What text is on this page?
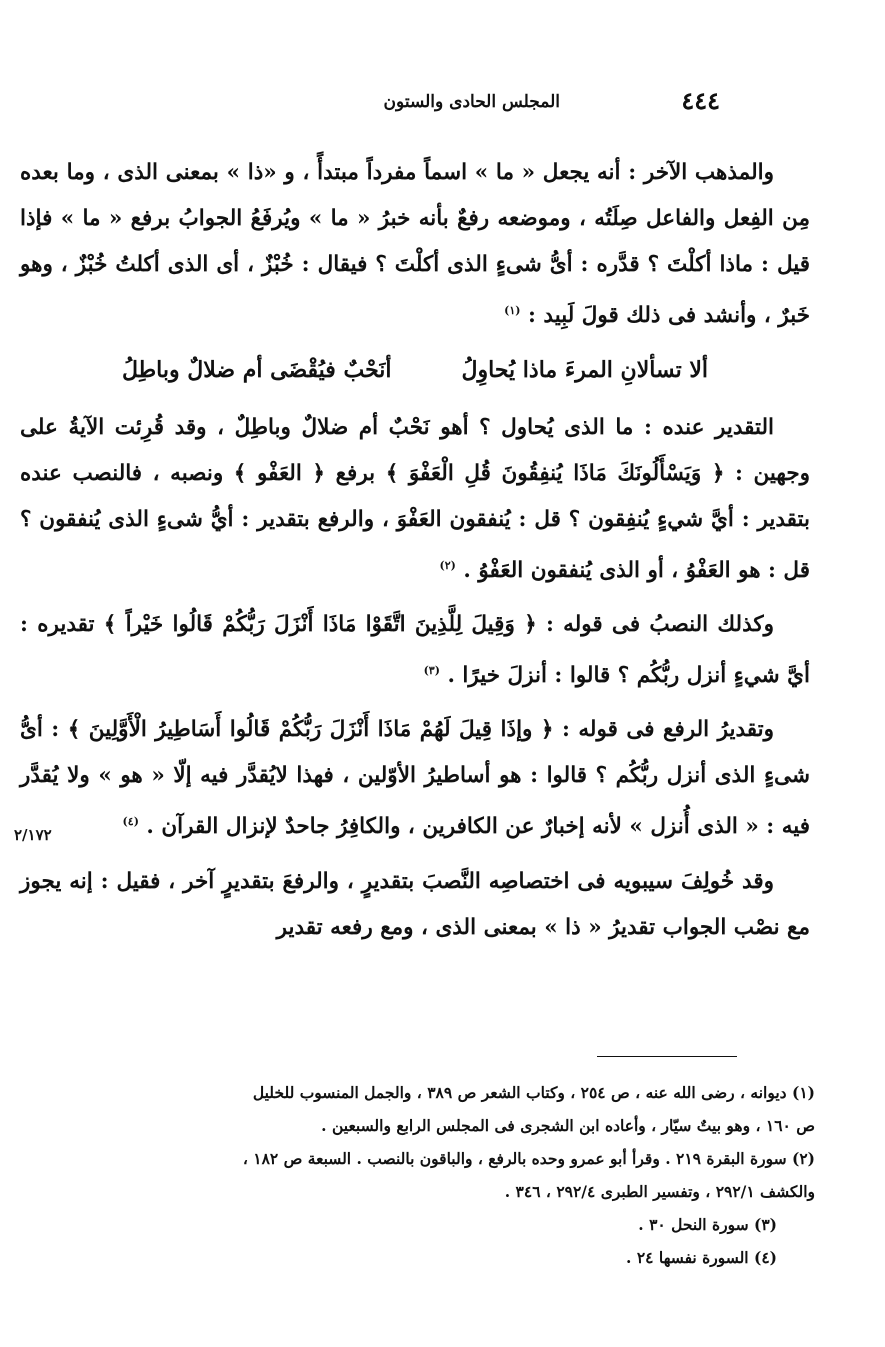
٤٤٤
المجلس الحادى والستون

والمذهب الآخر : أنه يجعل « ما » اسماً مفرداً مبتدأً ، و «ذا » بمعنى الذى ، وما بعده مِن الفِعل والفاعل صِلَتُه ، وموضعه رفعٌ بأنه خبرُ « ما » ويُرفَعُ الجوابُ برفع « ما » فإذا قيل : ماذا أكلْتَ ؟ قدَّره : أىُّ شىءٍ الذى أكلْتَ ؟ فيقال : خُبْزٌ ، أى الذى أكلتُ خُبْزٌ ، وهو خَبرٌ ، وأنشد فى ذلك قولَ لَبِيد : $^{(١)}$

ألا تسألانِ المرءَ ماذا يُحاوِلُ
أنَحْبٌ فيُقْضَى أم ضلالٌ وباطِلُ

التقدير عنده : ما الذى يُحاول ؟ أهو نَحْبٌ أم ضلالٌ وباطِلٌ ، وقد قُرِئت الآيةُ على وجهين : ﴿ وَيَسْأَلُونَكَ مَاذَا يُنفِقُونَ قُلِ الْعَفْوَ ﴾ برفع ﴿ العَفْو ﴾ ونصبه ، فالنصب عنده بتقدير : أيَّ شيءٍ يُنفِقون ؟ قل : يُنفقون العَفْوَ ، والرفع بتقدير : أيُّ شىءٍ الذى يُنفقون ؟ قل : هو العَفْوُ ، أو الذى يُنفقون العَفْوُ . $^{(٢)}$

وكذلك النصبُ فى قوله : ﴿ وَقِيلَ لِلَّذِينَ اتَّقَوْا مَاذَا أَنْزَلَ رَبُّكُمْ قَالُوا خَيْراً ﴾ تقديره : أيَّ شيءٍ أنزل ربُّكُم ؟ قالوا : أنزلَ خيرًا . $^{(٣)}$

وتقديرُ الرفع فى قوله : ﴿ وإذَا قِيلَ لَهُمْ مَاذَا أَنْزَلَ رَبُّكُمْ قَالُوا أَسَاطِيرُ الْأَوَّلِينَ ﴾ : أىُّ شىءٍ الذى أنزل ربُّكُم ؟ قالوا : هو أساطيرُ الأوّلين ، فهذا لايُقدَّر فيه إلّا « هو » ولا يُقدَّر فيه : « الذى أُنزل » لأنه إخبارٌ عن الكافرين ، والكافِرُ جاحدٌ لإنزال القرآن . $^{(٤)}$

وقد خُولِفَ سيبويه فى اختصاصِه النَّصبَ بتقديرٍ ، والرفعَ بتقديرٍ آخر ، فقيل : إنه يجوز مع نصْب الجواب تقديرُ « ذا » بمعنى الذى ، ومع رفعه تقدير

٢/١٧٢

(١) ديوانه ، رضى الله عنه ، ص ٢٥٤ ، وكتاب الشعر ص ٣٨٩ ، والجمل المنسوب للخليل

ص ١٦٠ ، وهو بيتٌ سيّار ، وأعاده ابن الشجرى فى المجلس الرابع والسبعين .

(٢) سورة البقرة ٢١٩ . وقرأ أبو عمرو وحده بالرفع ، والباقون بالنصب . السبعة ص ١٨٢ ،

والكشف ٢٩٢/١ ، وتفسير الطبرى ٢٩٢/٤ ، ٣٤٦ .

(٣) سورة النحل ٣٠ .

(٤) السورة نفسها ٢٤ .
